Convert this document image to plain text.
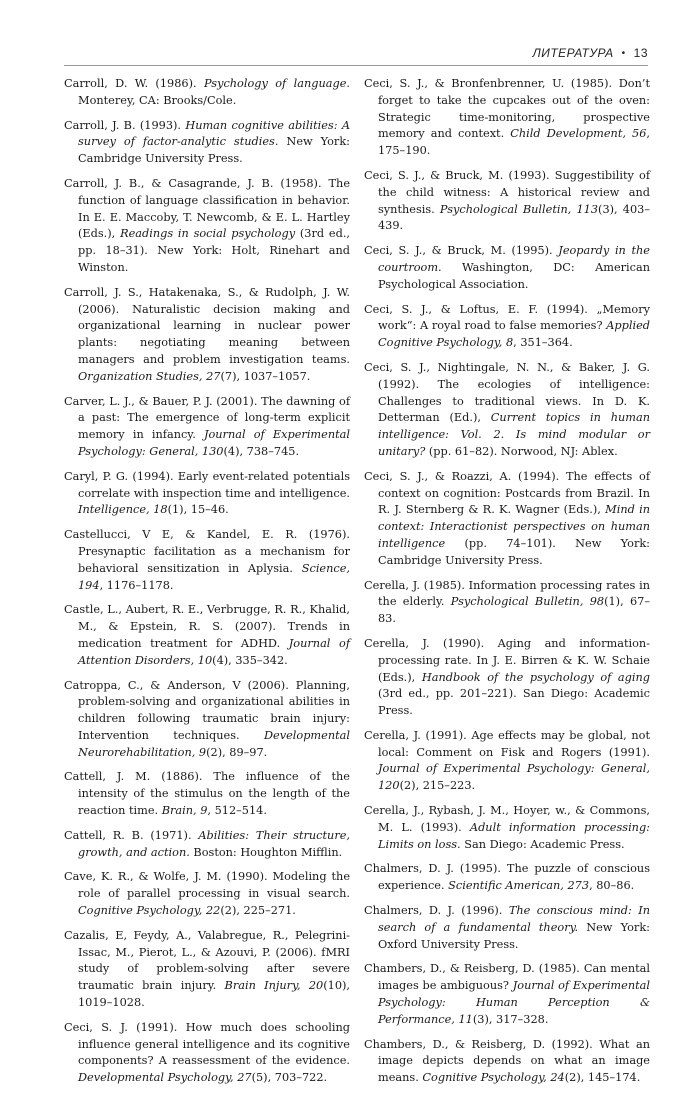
ЛИТЕРАТУРА • 13

Carroll, D. W. (1986). Psychology of language. Monterey, CA: Brooks/Cole.

Carroll, J. B. (1993). Human cognitive abilities: A survey of factor-analytic studies. New York: Cambridge University Press.

Carroll, J. B., & Casagrande, J. B. (1958). The function of language classification in behavior. In E. E. Maccoby, T. Newcomb, & E. L. Hartley (Eds.), Readings in social psychology (3rd ed., pp. 18–31). New York: Holt, Rinehart and Winston.

Carroll, J. S., Hatakenaka, S., & Rudolph, J. W. (2006). Naturalistic decision making and organizational learning in nuclear power plants: negotiating meaning between managers and problem investigation teams. Organization Studies, 27(7), 1037–1057.

Carver, L. J., & Bauer, P. J. (2001). The dawning of a past: The emergence of long-term explicit memory in infancy. Journal of Experimental Psychology: General, 130(4), 738–745.

Caryl, P. G. (1994). Early event-related potentials correlate with inspection time and intelligence. Intelligence, 18(1), 15–46.

Castellucci, V E, & Kandel, E. R. (1976). Presynaptic facilitation as a mechanism for behavioral sensitization in Aplysia. Science, 194, 1176–1178.

Castle, L., Aubert, R. E., Verbrugge, R. R., Khalid, M., & Epstein, R. S. (2007). Trends in medication treatment for ADHD. Journal of Attention Disorders, 10(4), 335–342.

Catroppa, C., & Anderson, V (2006). Planning, problem-solving and organizational abilities in children following traumatic brain injury: Intervention techniques. Developmental Neurorehabilitation, 9(2), 89–97.

Cattell, J. M. (1886). The influence of the intensity of the stimulus on the length of the reaction time. Brain, 9, 512–514.

Cattell, R. B. (1971). Abilities: Their structure, growth, and action. Boston: Houghton Mifflin.

Cave, K. R., & Wolfe, J. M. (1990). Modeling the role of parallel processing in visual search. Cognitive Psychology, 22(2), 225–271.

Cazalis, E, Feydy, A., Valabregue, R., Pelegrini-Issac, M., Pierot, L., & Azouvi, P. (2006). fMRI study of problem-solving after severe traumatic brain injury. Brain Injury, 20(10), 1019–1028.

Ceci, S. J. (1991). How much does schooling influence general intelligence and its cognitive components? A reassessment of the evidence. Developmental Psychology, 27(5), 703–722.

Ceci, S. J., & Bronfenbrenner, U. (1985). Don’t forget to take the cupcakes out of the oven: Strategic time-monitoring, prospective memory and context. Child Development, 56, 175–190.

Ceci, S. J., & Bruck, M. (1993). Suggestibility of the child witness: A historical review and synthesis. Psychological Bulletin, 113(3), 403–439.

Ceci, S. J., & Bruck, M. (1995). Jeopardy in the courtroom. Washington, DC: American Psychological Association.

Ceci, S. J., & Loftus, E. F. (1994). „Memory work“: A royal road to false memories? Applied Cognitive Psychology, 8, 351–364.

Ceci, S. J., Nightingale, N. N., & Baker, J. G. (1992). The ecologies of intelligence: Challenges to traditional views. In D. K. Detterman (Ed.), Current topics in human intelligence: Vol. 2. Is mind modular or unitary? (pp. 61–82). Norwood, NJ: Ablex.

Ceci, S. J., & Roazzi, A. (1994). The effects of context on cognition: Postcards from Brazil. In R. J. Sternberg & R. K. Wagner (Eds.), Mind in context: Interactionist perspectives on human intelligence (pp. 74–101). New York: Cambridge University Press.

Cerella, J. (1985). Information processing rates in the elderly. Psychological Bulletin, 98(1), 67–83.

Cerella, J. (1990). Aging and information-processing rate. In J. E. Birren & K. W. Schaie (Eds.), Handbook of the psychology of aging (3rd ed., pp. 201–221). San Diego: Academic Press.

Cerella, J. (1991). Age effects may be global, not local: Comment on Fisk and Rogers (1991). Journal of Experimental Psychology: General, 120(2), 215–223.

Cerella, J., Rybash, J. M., Hoyer, w., & Commons, M. L. (1993). Adult information processing: Limits on loss. San Diego: Academic Press.

Chalmers, D. J. (1995). The puzzle of conscious experience. Scientific American, 273, 80–86.

Chalmers, D. J. (1996). The conscious mind: In search of a fundamental theory. New York: Oxford University Press.

Chambers, D., & Reisberg, D. (1985). Can mental images be ambiguous? Journal of Experimental Psychology: Human Perception & Performance, 11(3), 317–328.

Chambers, D., & Reisberg, D. (1992). What an image depicts depends on what an image means. Cognitive Psychology, 24(2), 145–174.
